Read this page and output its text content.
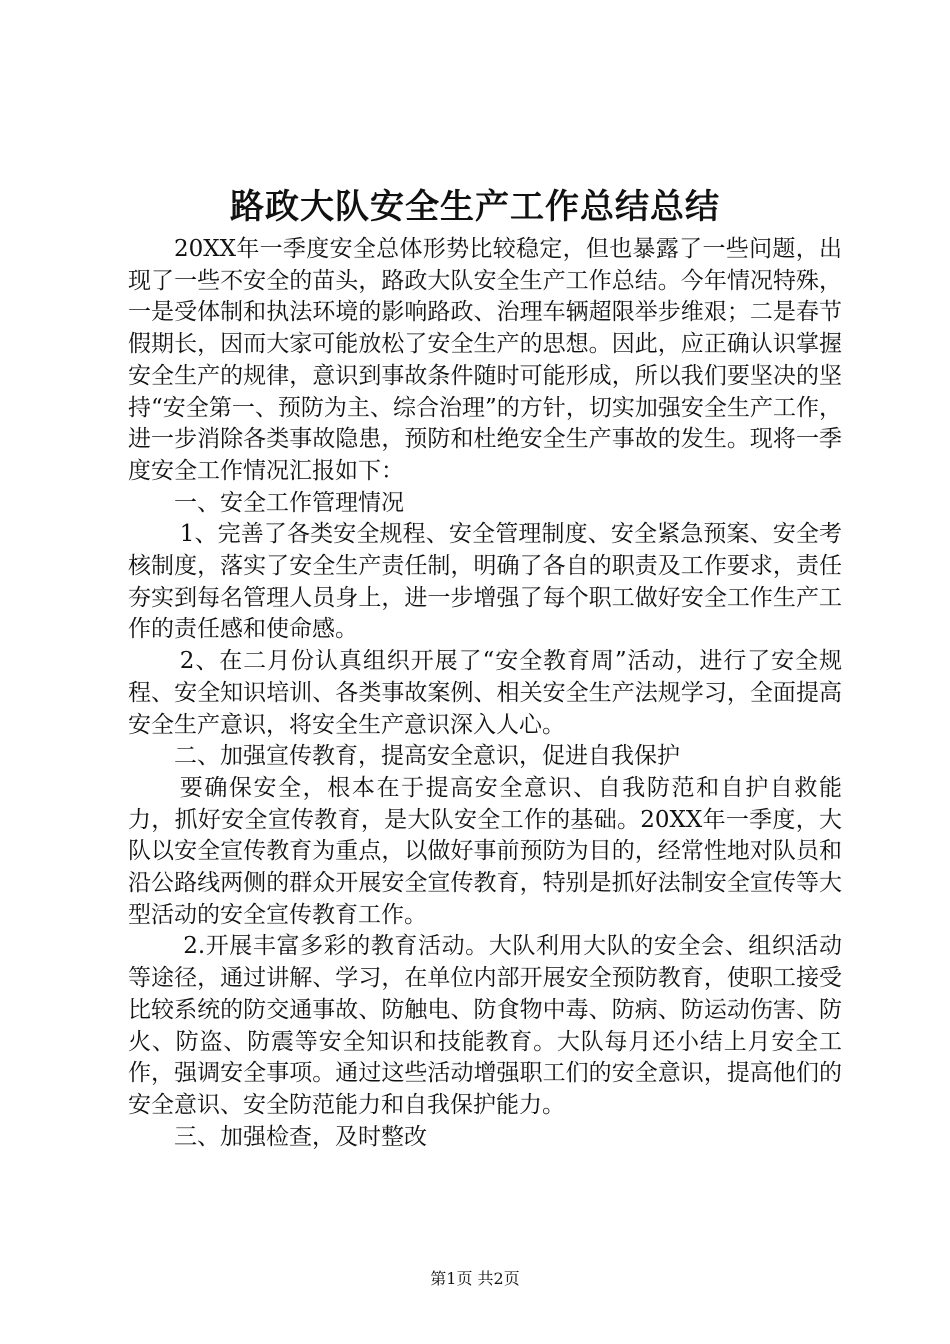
路政大队安全生产工作总结总结

20XX年一季度安全总体形势比较稳定，但也暴露了一些问题，出现了一些不安全的苗头，路政大队安全生产工作总结。今年情况特殊，一是受体制和执法环境的影响路政、治理车辆超限举步维艰；二是春节假期长，因而大家可能放松了安全生产的思想。因此，应正确认识掌握安全生产的规律，意识到事故条件随时可能形成，所以我们要坚决的坚持“安全第一、预防为主、综合治理”的方针，切实加强安全生产工作，进一步消除各类事故隐患，预防和杜绝安全生产事故的发生。现将一季度安全工作情况汇报如下：

一、安全工作管理情况

1、完善了各类安全规程、安全管理制度、安全紧急预案、安全考核制度，落实了安全生产责任制，明确了各自的职责及工作要求，责任夯实到每名管理人员身上，进一步增强了每个职工做好安全工作生产工作的责任感和使命感。

2、在二月份认真组织开展了“安全教育周”活动，进行了安全规程、安全知识培训、各类事故案例、相关安全生产法规学习，全面提高安全生产意识，将安全生产意识深入人心。

二、加强宣传教育，提高安全意识，促进自我保护

要确保安全，根本在于提高安全意识、自我防范和自护自救能力，抓好安全宣传教育，是大队安全工作的基础。20XX年一季度，大队以安全宣传教育为重点，以做好事前预防为目的，经常性地对队员和沿公路线两侧的群众开展安全宣传教育，特别是抓好法制安全宣传等大型活动的安全宣传教育工作。

2.开展丰富多彩的教育活动。大队利用大队的安全会、组织活动等途径，通过讲解、学习，在单位内部开展安全预防教育，使职工接受比较系统的防交通事故、防触电、防食物中毒、防病、防运动伤害、防火、防盗、防震等安全知识和技能教育。大队每月还小结上月安全工作，强调安全事项。通过这些活动增强职工们的安全意识，提高他们的安全意识、安全防范能力和自我保护能力。

三、加强检查，及时整改

第1页 共2页
